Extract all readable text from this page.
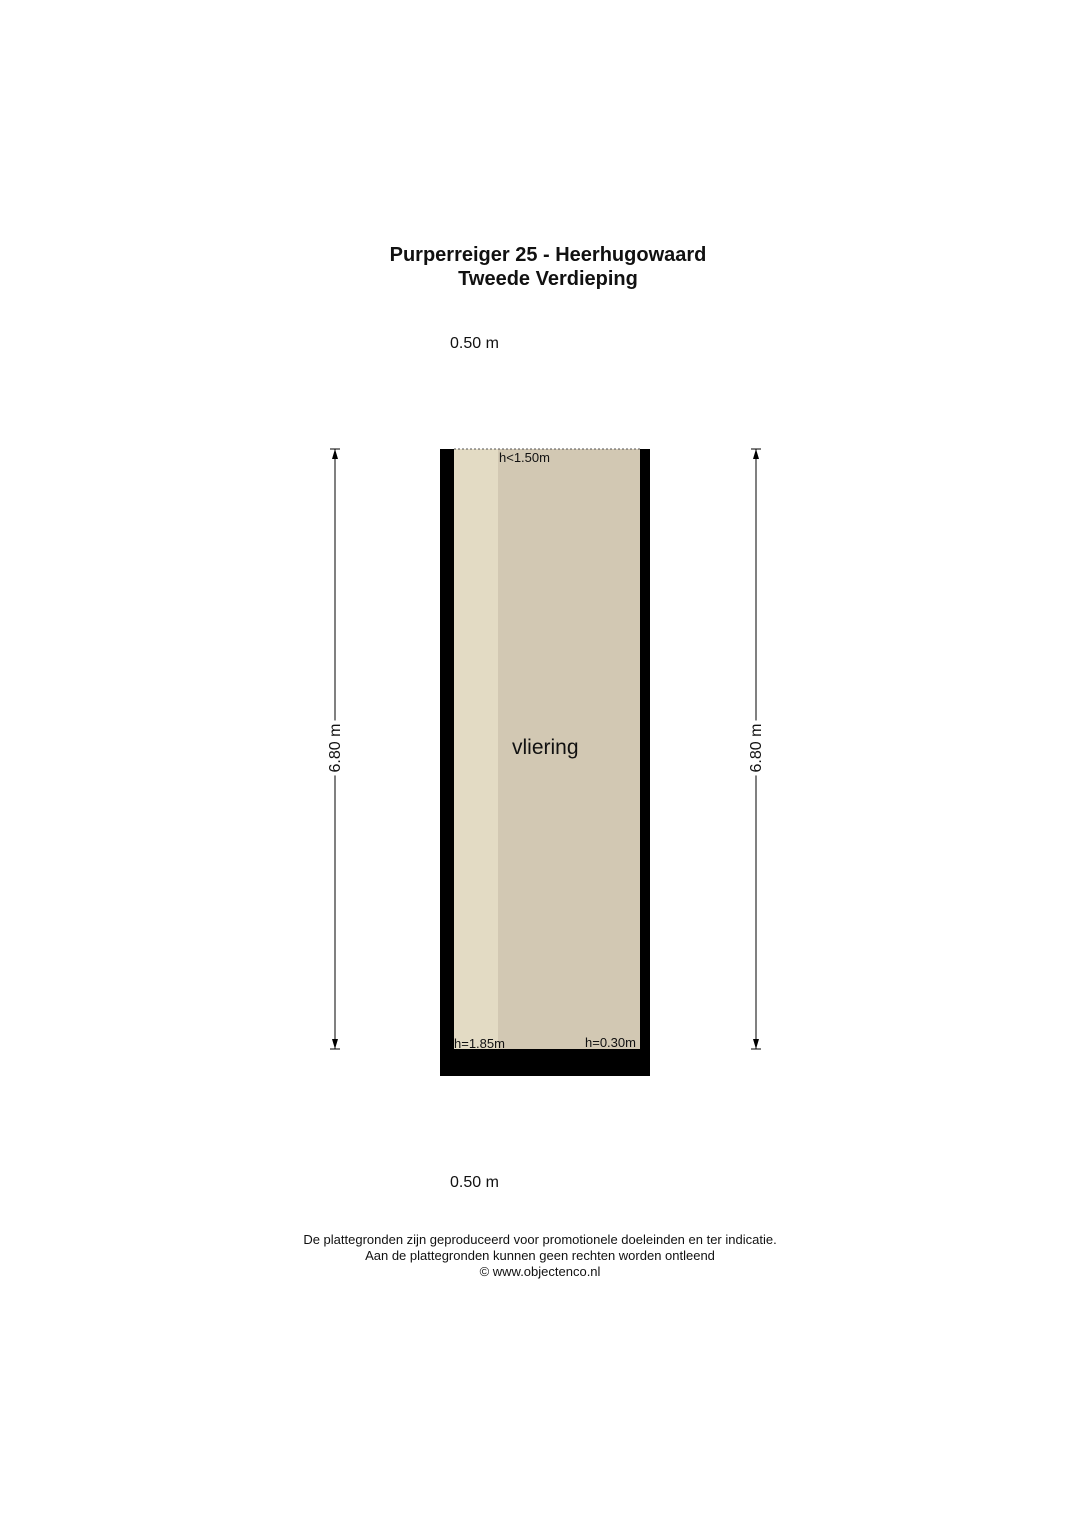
Purperreiger 25 - Heerhugowaard
Tweede Verdieping
0.50 m
6.80 m	6.80 m
h<1.50m
vliering
h=1.85m	h=0.30m
0.50 m
De plattegronden zijn geproduceerd voor promotionele doeleinden en ter indicatie.
Aan de plattegronden kunnen geen rechten worden ontleend
© www.objectenco.nl
